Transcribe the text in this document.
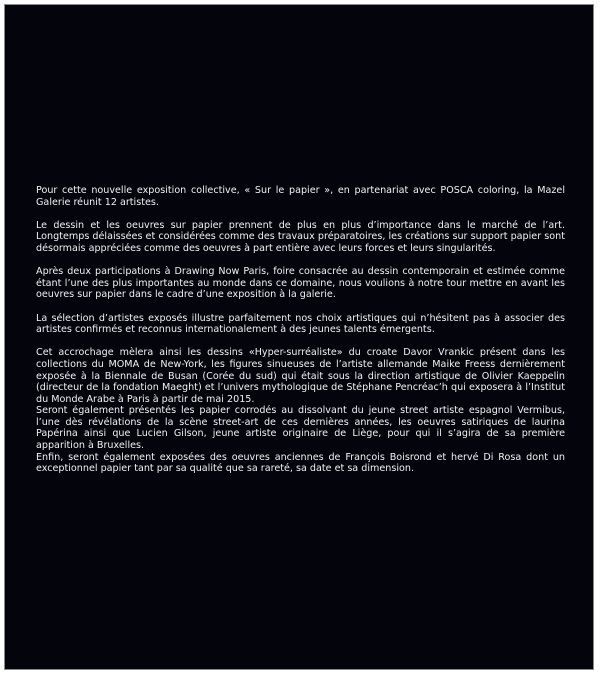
Pour cette nouvelle exposition collective, « Sur le papier », en partenariat avec POSCA coloring, la Mazel Galerie réunit 12 artistes.

Le dessin et les oeuvres sur papier prennent de plus en plus d’importance dans le marché de l’art. Longtemps délaissées et considérées comme des travaux préparatoires, les créations sur support papier sont désormais appréciées comme des oeuvres à part entière avec leurs forces et leurs singularités.

Après deux participations à Drawing Now Paris, foire consacrée au dessin contemporain et estimée comme étant l’une des plus importantes au monde dans ce domaine, nous voulions à notre tour mettre en avant les oeuvres sur papier dans le cadre d’une exposition à la galerie.

La sélection d’artistes exposés illustre parfaitement nos choix artistiques qui n’hésitent pas à associer des artistes confirmés et reconnus internationalement à des jeunes talents émergents.

Cet accrochage mèlera ainsi les dessins «Hyper-surréaliste» du croate Davor Vrankic présent dans les collections du MOMA de New-York, les figures sinueuses de l’artiste allemande Maike Freess dernièrement exposée à la Biennale de Busan (Corée du sud) qui était sous la direction artistique de Olivier Kaeppelin (directeur de la fondation Maeght) et l’univers mythologique de Stéphane Pencréac’h qui exposera à l’Institut du Monde Arabe à Paris à partir de mai 2015.

Seront également présentés les papier corrodés au dissolvant du jeune street artiste espagnol Vermibus, l’une dès révélations de la scène street-art de ces dernières années, les oeuvres satiriques de laurina Papérina ainsi que Lucien Gilson, jeune artiste originaire de Liège, pour qui il s’agira de sa première apparition à Bruxelles.

Enfin, seront également exposées des oeuvres anciennes de François Boisrond et hervé Di Rosa dont un exceptionnel papier tant par sa qualité que sa rareté, sa date et sa dimension.
